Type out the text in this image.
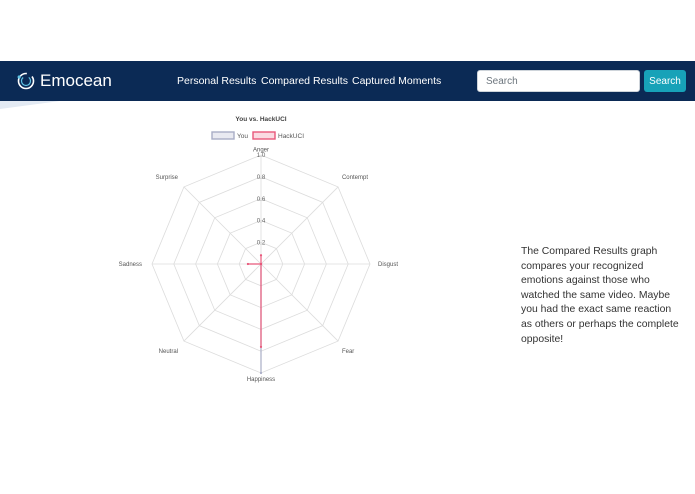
Emocean	Personal Results Compared Results Captured Moments
Search	Search
You vs. HackUCI
You	HackUCI
0.2
0.4
0.6
0.8
1.0
Anger
Contempt
Disgust
Fear
Happiness
Neutral
Sadness
Surprise

The Compared Results graph compares your recognized emotions against those who watched the same video. Maybe you had the exact same reaction as others or perhaps the complete opposite!
